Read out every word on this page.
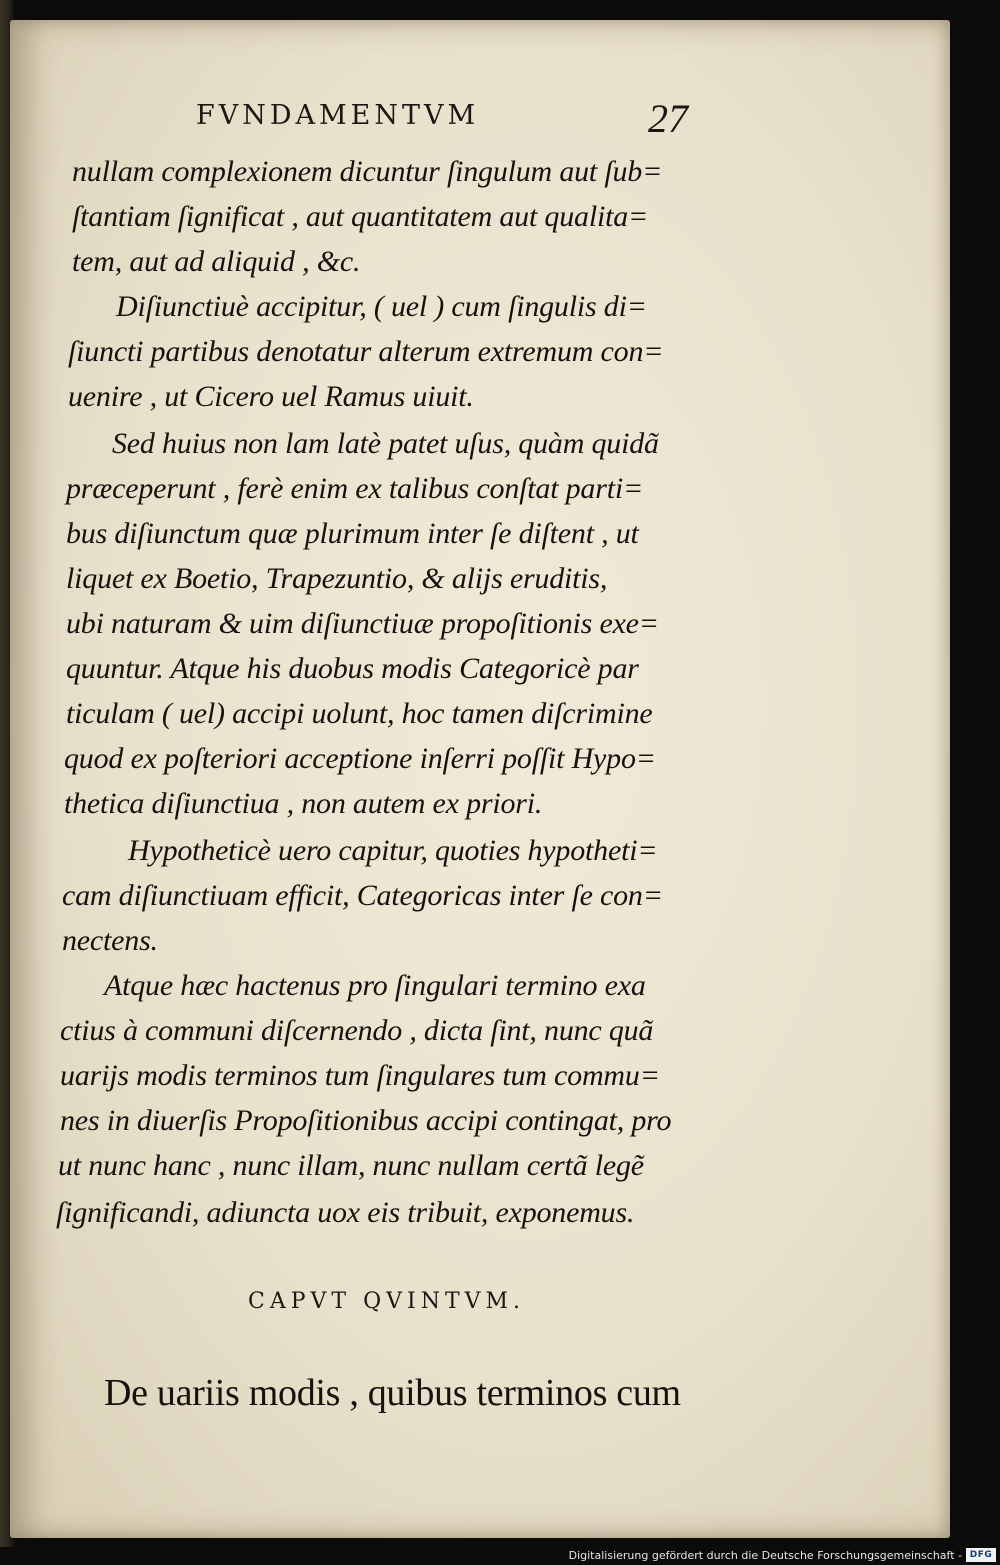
FVNDAMENTVM	27
nullam complexionem dicuntur ſingulum aut ſub=
ſtantiam ſignificat , aut quantitatem aut qualita=
tem, aut ad aliquid , &c.
Diſiunctiuè accipitur, ( uel ) cum ſingulis di=
ſiuncti partibus denotatur alterum extremum con=
uenire , ut Cicero uel Ramus uiuit.
Sed huius non lam latè patet uſus, quàm quidã
præceperunt , ferè enim ex talibus conſtat parti=
bus diſiunctum quæ plurimum inter ſe diſtent , ut
liquet ex Boetio, Trapezuntio, & alijs eruditis,
ubi naturam & uim diſiunctiuæ propoſitionis exe=
quuntur. Atque his duobus modis Categoricè par
ticulam ( uel) accipi uolunt, hoc tamen diſcrimine
quod ex poſteriori acceptione inſerri poſſit Hypo=
thetica diſiunctiua , non autem ex priori.
Hypotheticè uero capitur, quoties hypotheti=
cam diſiunctiuam efficit, Categoricas inter ſe con=
nectens.
Atque hæc hactenus pro ſingulari termino exa
ctius à communi diſcernendo , dicta ſint, nunc quã
uarijs modis terminos tum ſingulares tum commu=
nes in diuerſis Propoſitionibus accipi contingat, pro
ut nunc hanc , nunc illam, nunc nullam certã legẽ
ſignificandi, adiuncta uox eis tribuit, exponemus.
CAPVT QVINTVM.
De uariis modis , quibus terminos cum
Digitalisierung gefördert durch die Deutsche Forschungsgemeinschaft - DFG
